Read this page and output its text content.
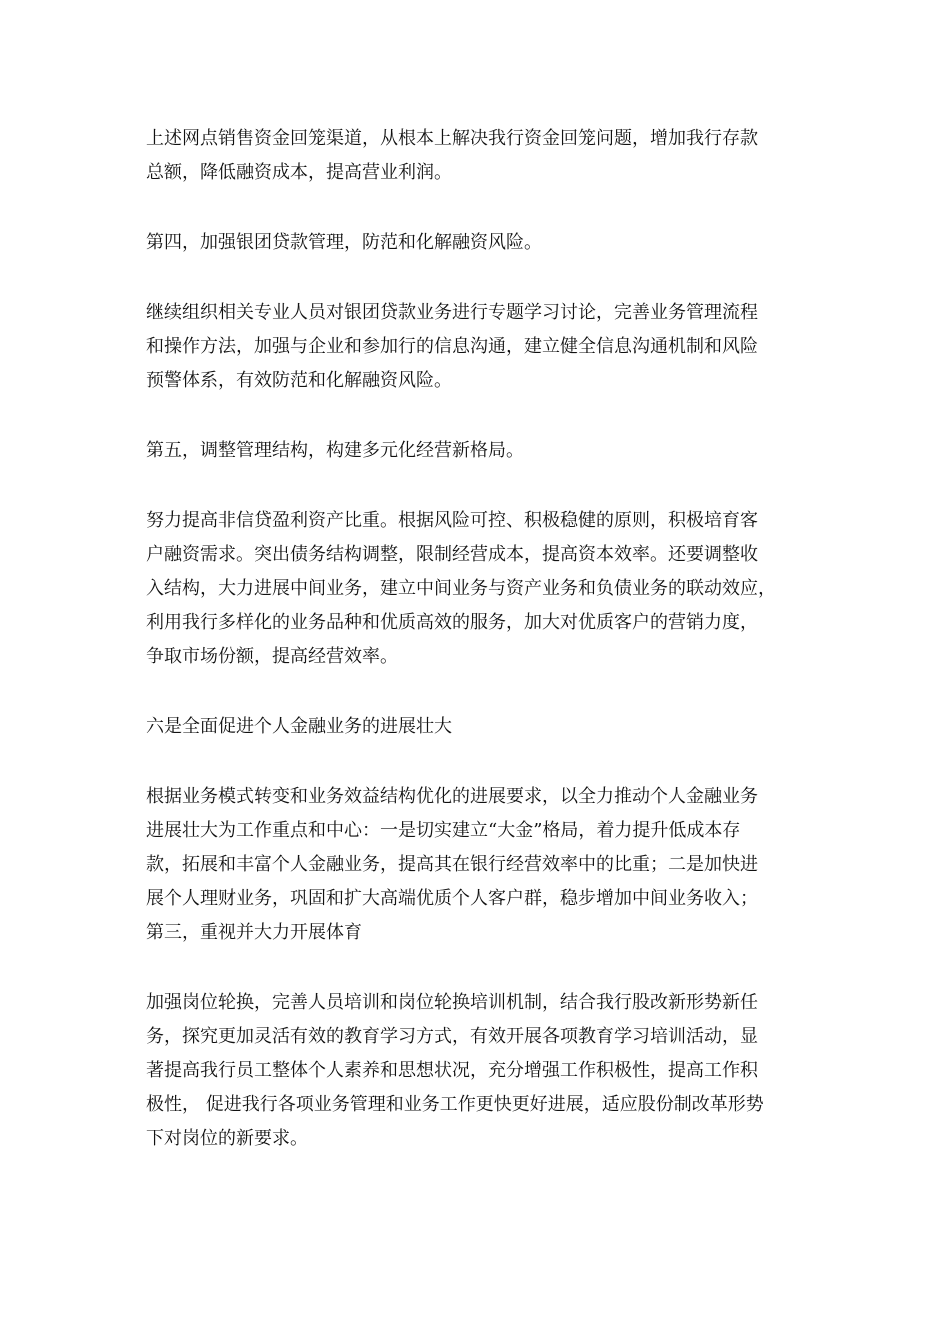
上述网点销售资金回笼渠道，从根本上解决我行资金回笼问题，增加我行存款
总额，降低融资成本，提高营业利润。

第四，加强银团贷款管理，防范和化解融资风险。

继续组织相关专业人员对银团贷款业务进行专题学习讨论，完善业务管理流程
和操作方法，加强与企业和参加行的信息沟通，建立健全信息沟通机制和风险
预警体系，有效防范和化解融资风险。

第五，调整管理结构，构建多元化经营新格局。

努力提高非信贷盈利资产比重。根据风险可控、积极稳健的原则，积极培育客
户融资需求。突出债务结构调整，限制经营成本，提高资本效率。还要调整收
入结构，大力进展中间业务，建立中间业务与资产业务和负债业务的联动效应，
利用我行多样化的业务品种和优质高效的服务，加大对优质客户的营销力度，
争取市场份额，提高经营效率。

六是全面促进个人金融业务的进展壮大

根据业务模式转变和业务效益结构优化的进展要求，以全力推动个人金融业务
进展壮大为工作重点和中心：一是切实建立“大金”格局，着力提升低成本存
款，拓展和丰富个人金融业务，提高其在银行经营效率中的比重；二是加快进
展个人理财业务，巩固和扩大高端优质个人客户群，稳步增加中间业务收入；
第三，重视并大力开展体育

加强岗位轮换，完善人员培训和岗位轮换培训机制，结合我行股改新形势新任
务，探究更加灵活有效的教育学习方式，有效开展各项教育学习培训活动，显
著提高我行员工整体个人素养和思想状况，充分增强工作积极性，提高工作积
极性， 促进我行各项业务管理和业务工作更快更好进展，适应股份制改革形势
下对岗位的新要求。
